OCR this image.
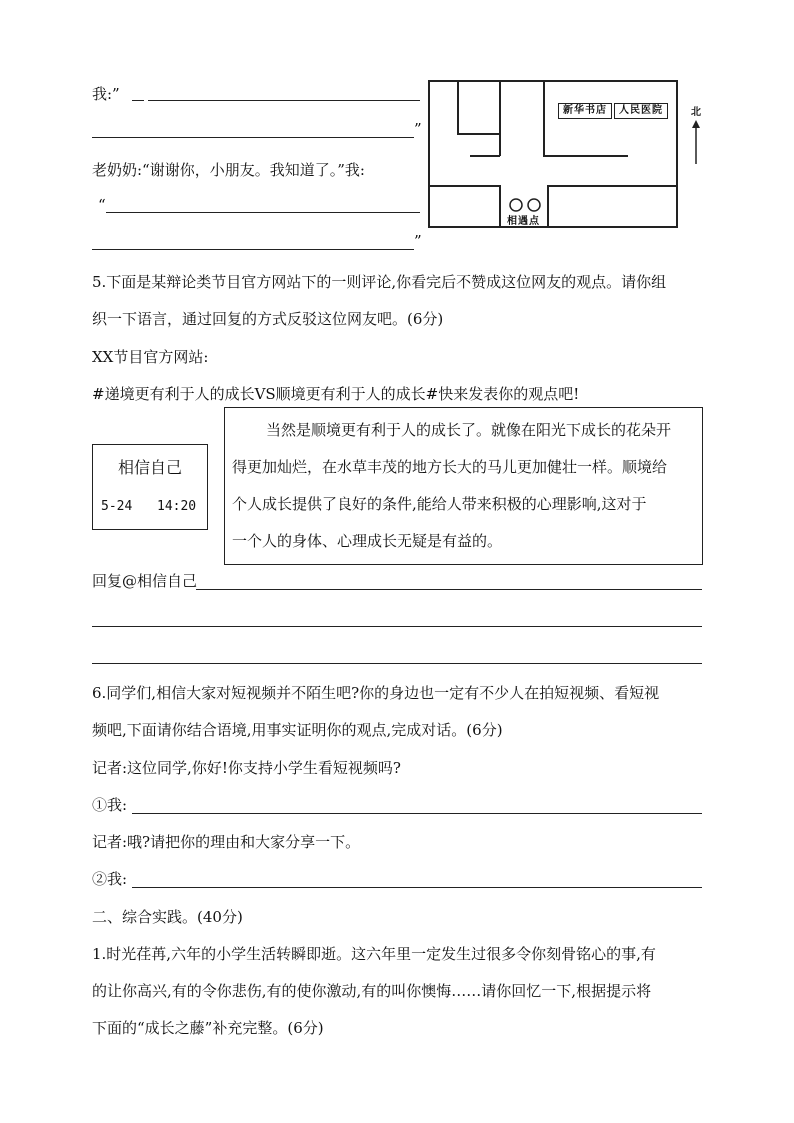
我:”
”
老奶奶:“谢谢你，小朋友。我知道了。”我:
“
”
新华书店	人民医院
相遇点
北
5.下面是某辩论类节目官方网站下的一则评论,你看完后不赞成这位网友的观点。请你组
织一下语言，通过回复的方式反驳这位网友吧。(6分)
XX节目官方网站:
#递境更有利于人的成长VS顺境更有利于人的成长#快来发表你的观点吧!
相信自己
5-24 14:20
当然是顺境更有利于人的成长了。就像在阳光下成长的花朵开
得更加灿烂，在水草丰茂的地方长大的马儿更加健壮一样。顺境给
个人成长提供了良好的条件,能给人带来积极的心理影响,这对于
一个人的身体、心理成长无疑是有益的。
回复@相信自己
6.同学们,相信大家对短视频并不陌生吧?你的身边也一定有不少人在拍短视频、看短视
频吧,下面请你结合语境,用事实证明你的观点,完成对话。(6分)
记者:这位同学,你好!你支持小学生看短视频吗?
①我:
记者:哦?请把你的理由和大家分享一下。
②我:
二、综合实践。(40分)
1.时光荏苒,六年的小学生活转瞬即逝。这六年里一定发生过很多令你刻骨铭心的事,有
的让你高兴,有的令你悲伤,有的使你激动,有的叫你懊悔……请你回忆一下,根据提示将
下面的“成长之藤”补充完整。(6分)
